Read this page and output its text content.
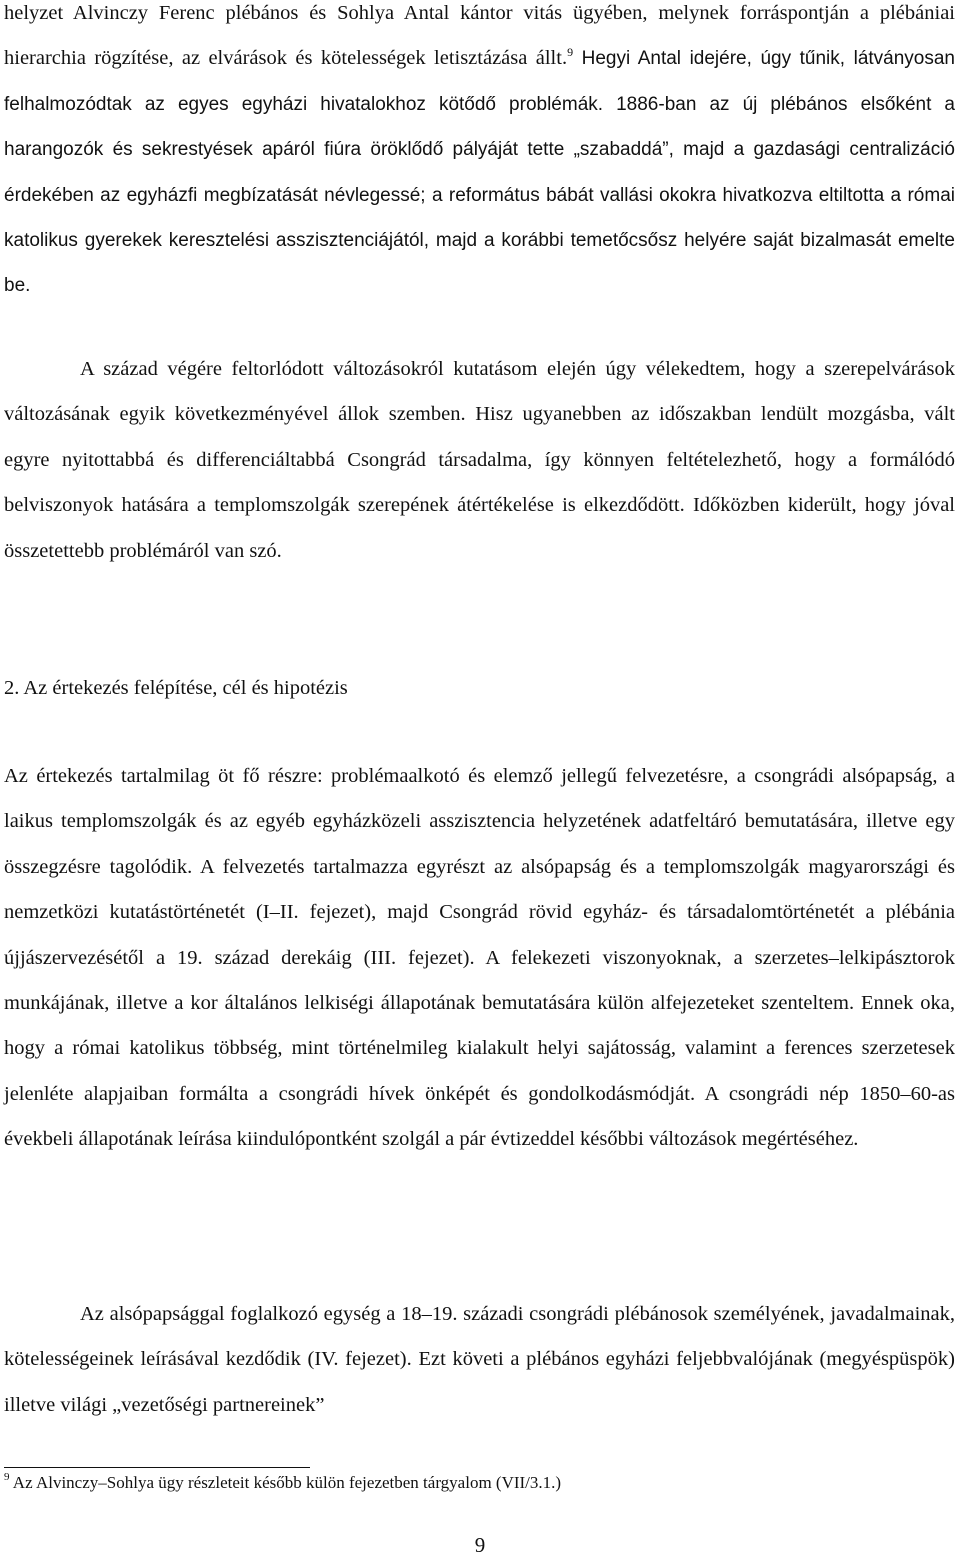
helyzet Alvinczy Ferenc plébános és Sohlya Antal kántor vitás ügyében, melynek forráspontján a plébániai hierarchia rögzítése, az elvárások és kötelességek letisztázása állt.$^9$ Hegyi Antal idejére, úgy tűnik, látványosan felhalmozódtak az egyes egyházi hivatalokhoz kötődő problémák. 1886-ban az új plébános elsőként a harangozók és sekrestyések apáról fiúra öröklődő pályáját tette „szabaddá”, majd a gazdasági centralizáció érdekében az egyházfi megbízatását névlegessé; a református bábát vallási okokra hivatkozva eltiltotta a római katolikus gyerekek keresztelési asszisztenciájától, majd a korábbi temetőcsősz helyére saját bizalmasát emelte be.

A század végére feltorlódott változásokról kutatásom elején úgy vélekedtem, hogy a szerepelvárások változásának egyik következményével állok szemben. Hisz ugyanebben az időszakban lendült mozgásba, vált egyre nyitottabbá és differenciáltabbá Csongrád társadalma, így könnyen feltételezhető, hogy a formálódó belviszonyok hatására a templomszolgák szerepének átértékelése is elkezdődött. Időközben kiderült, hogy jóval összetettebb problémáról van szó.

2. Az értekezés felépítése, cél és hipotézis

Az értekezés tartalmilag öt fő részre: problémaalkotó és elemző jellegű felvezetésre, a csongrádi alsópapság, a laikus templomszolgák és az egyéb egyházközeli asszisztencia helyzetének adatfeltáró bemutatására, illetve egy összegzésre tagolódik. A felvezetés tartalmazza egyrészt az alsópapság és a templomszolgák magyarországi és nemzetközi kutatástörténetét (I–II. fejezet), majd Csongrád rövid egyház- és társadalomtörténetét a plébánia újjászervezésétől a 19. század derekáig (III. fejezet). A felekezeti viszonyoknak, a szerzetes–lelkipásztorok munkájának, illetve a kor általános lelkiségi állapotának bemutatására külön alfejezeteket szenteltem. Ennek oka, hogy a római katolikus többség, mint történelmileg kialakult helyi sajátosság, valamint a ferences szerzetesek jelenléte alapjaiban formálta a csongrádi hívek önképét és gondolkodásmódját. A csongrádi nép 1850–60-as évekbeli állapotának leírása kiindulópontként szolgál a pár évtizeddel későbbi változások megértéséhez.

Az alsópapsággal foglalkozó egység a 18–19. századi csongrádi plébánosok személyének, javadalmainak, kötelességeinek leírásával kezdődik (IV. fejezet). Ezt követi a plébános egyházi feljebbvalójának (megyéspüspök) illetve világi „vezetőségi partnereinek”

$^9$ Az Alvinczy–Sohlya ügy részleteit később külön fejezetben tárgyalom (VII/3.1.)

9
